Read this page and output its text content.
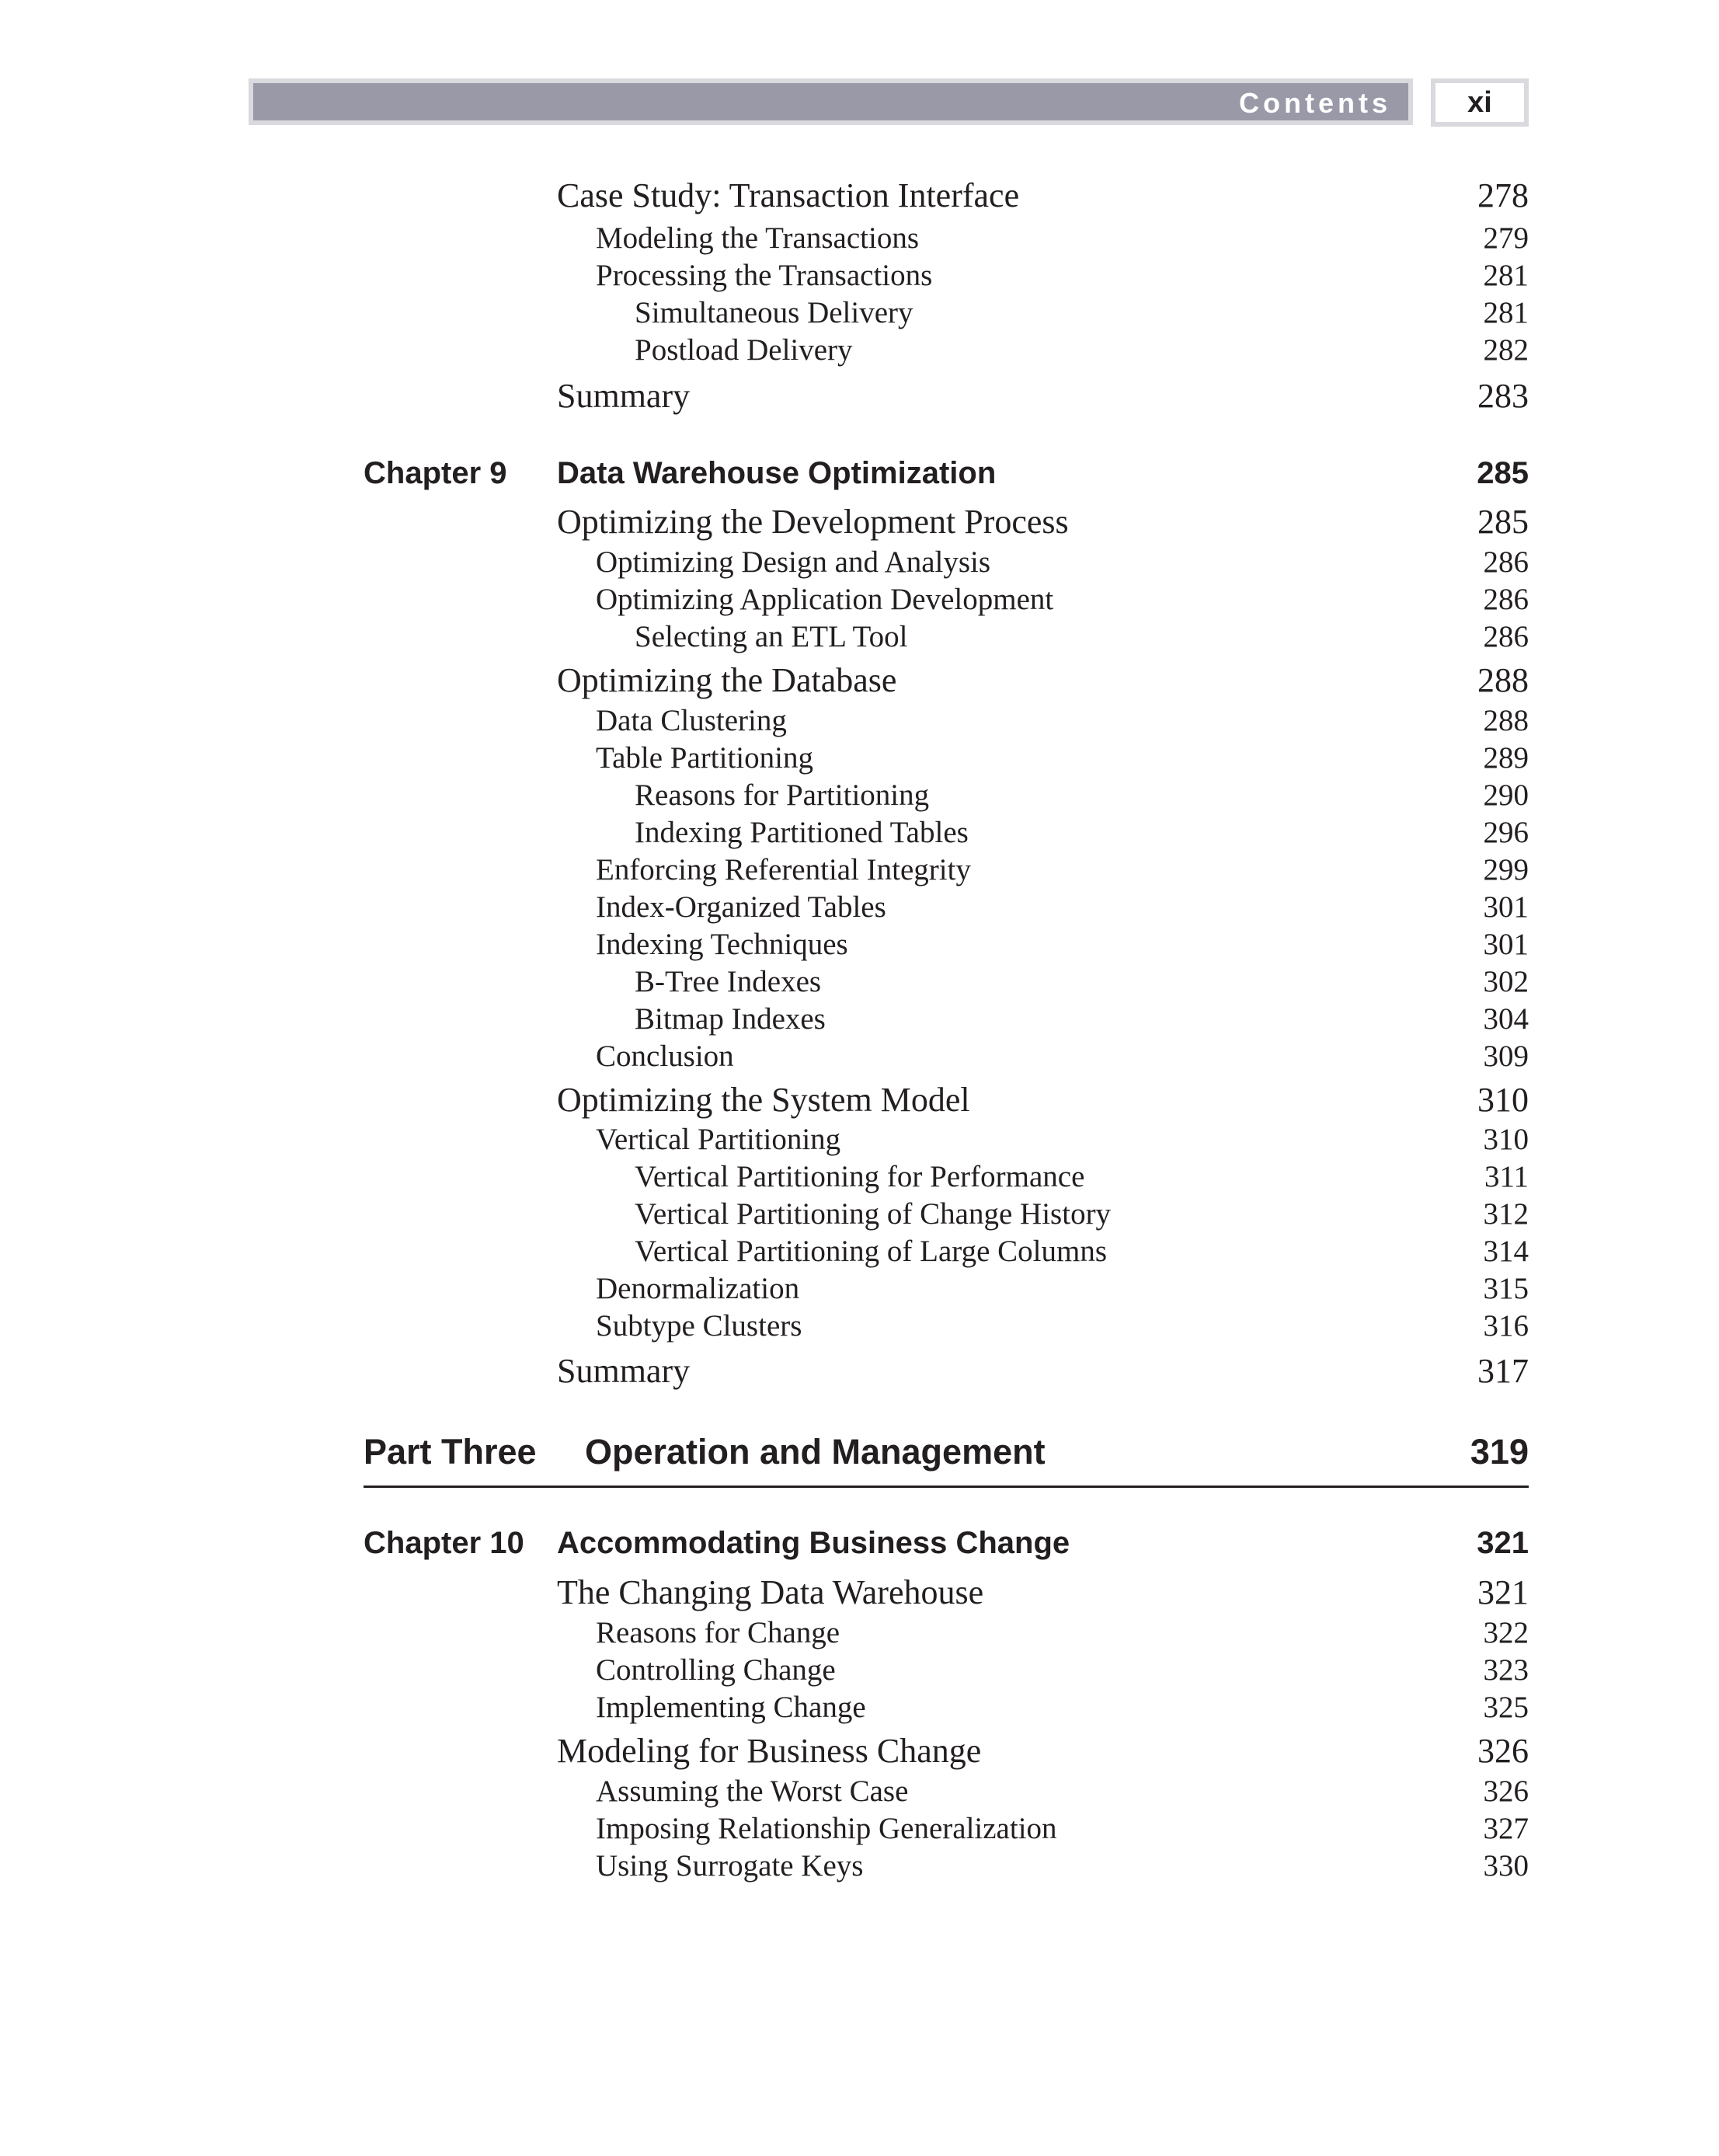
Contents	xi
Case Study: Transaction Interface	278
Modeling the Transactions	279
Processing the Transactions	281
Simultaneous Delivery	281
Postload Delivery	282
Summary	283
Chapter 9 Data Warehouse Optimization	285
Optimizing the Development Process	285
Optimizing Design and Analysis	286
Optimizing Application Development	286
Selecting an ETL Tool	286
Optimizing the Database	288
Data Clustering	288
Table Partitioning	289
Reasons for Partitioning	290
Indexing Partitioned Tables	296
Enforcing Referential Integrity	299
Index-Organized Tables	301
Indexing Techniques	301
B-Tree Indexes	302
Bitmap Indexes	304
Conclusion	309
Optimizing the System Model	310
Vertical Partitioning	310
Vertical Partitioning for Performance	311
Vertical Partitioning of Change History	312
Vertical Partitioning of Large Columns	314
Denormalization	315
Subtype Clusters	316
Summary	317
Part Three Operation and Management	319
Chapter 10 Accommodating Business Change	321
The Changing Data Warehouse	321
Reasons for Change	322
Controlling Change	323
Implementing Change	325
Modeling for Business Change	326
Assuming the Worst Case	326
Imposing Relationship Generalization	327
Using Surrogate Keys	330
